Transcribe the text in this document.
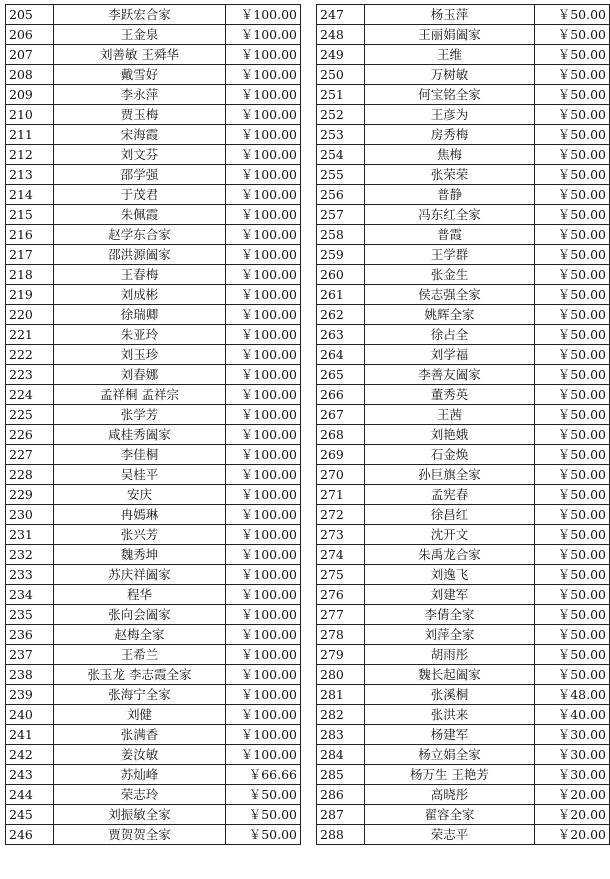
205	李跃宏合家	￥100.00
206	王金泉	￥100.00
207	刘善敏 王舜华	￥100.00
208	戴雪好	￥100.00
209	李永萍	￥100.00
210	贾玉梅	￥100.00
211	宋海霞	￥100.00
212	刘文芬	￥100.00
213	邵学强	￥100.00
214	于茂君	￥100.00
215	朱佩霞	￥100.00
216	赵学东合家	￥100.00
217	邵洪源阖家	￥100.00
218	王春梅	￥100.00
219	刘成彬	￥100.00
220	徐瑞卿	￥100.00
221	朱亚玲	￥100.00
222	刘玉珍	￥100.00
223	刘春娜	￥100.00
224	孟祥桐 孟祥宗	￥100.00
225	张学芳	￥100.00
226	咸桂秀阖家	￥100.00
227	李佳桐	￥100.00
228	吴桂平	￥100.00
229	安庆	￥100.00
230	冉嫣琳	￥100.00
231	张兴芳	￥100.00
232	魏秀坤	￥100.00
233	苏庆祥阖家	￥100.00
234	程华	￥100.00
235	张向会阖家	￥100.00
236	赵梅全家	￥100.00
237	王希兰	￥100.00
238	张玉龙 李志霞全家	￥100.00
239	张海宁全家	￥100.00
240	刘健	￥100.00
241	张满香	￥100.00
242	姜汝敏	￥100.00
243	苏灿峰	￥66.66
244	荣志玲	￥50.00
245	刘振敏全家	￥50.00
246	贾贺贺全家	￥50.00
247	杨玉萍	￥50.00
248	王丽娟阖家	￥50.00
249	王维	￥50.00
250	万树敏	￥50.00
251	何宝铭全家	￥50.00
252	王彦为	￥50.00
253	房秀梅	￥50.00
254	焦梅	￥50.00
255	张荣荣	￥50.00
256	普静	￥50.00
257	冯东红全家	￥50.00
258	普霞	￥50.00
259	王学群	￥50.00
260	张金生	￥50.00
261	侯志强全家	￥50.00
262	姚辉全家	￥50.00
263	徐占全	￥50.00
264	刘学福	￥50.00
265	李善友阖家	￥50.00
266	董秀英	￥50.00
267	王茜	￥50.00
268	刘艳娥	￥50.00
269	石金焕	￥50.00
270	孙巨旗全家	￥50.00
271	孟宪春	￥50.00
272	徐昌红	￥50.00
273	沈开文	￥50.00
274	朱禹龙合家	￥50.00
275	刘逸飞	￥50.00
276	刘建军	￥50.00
277	李倩全家	￥50.00
278	刘萍全家	￥50.00
279	胡雨彤	￥50.00
280	魏长起阖家	￥50.00
281	张溪桐	￥48.00
282	张洪来	￥40.00
283	杨建军	￥30.00
284	杨立娟全家	￥30.00
285	杨万生 王艳芳	￥30.00
286	高晓彤	￥20.00
287	翟容全家	￥20.00
288	荣志平	￥20.00
